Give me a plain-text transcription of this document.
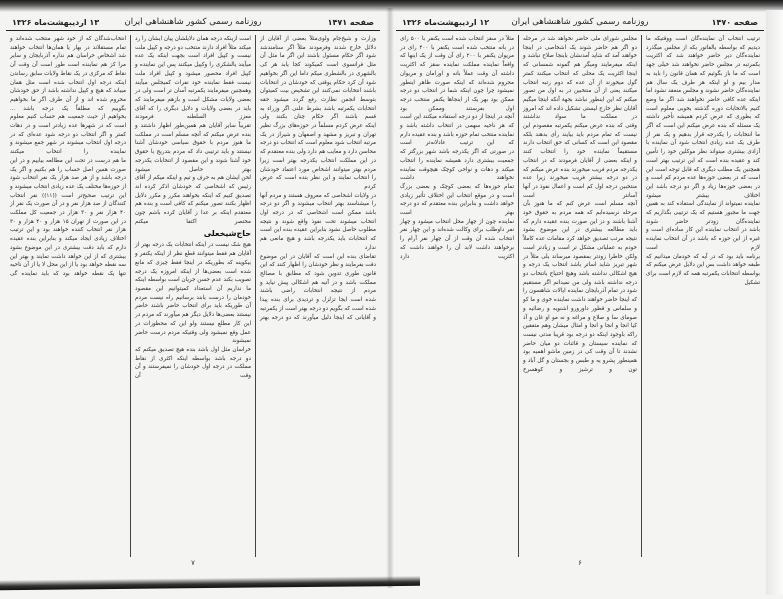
صفحه ۱۴۷۱
روزنامه رسمی کشور شاهنشاهی ایران
۱۳ اردیبهشت‌ماه ۱۳۲۶

وزارت و شیخ‌جام ولوی‌مثلاً بعضی از آقایان از دلائل خارج شدند وفرمودند مثلاً اگر سنامندشد شود اگر حکام مسئول باشند این اگر ما مثل آن مثل فرانسوی است کمیکوند کجا یابد هر کی بالشهری در بالشطری میکم داما این اگر بخواهیم شود آن کرد حکام یوقتی که خودشان در انتخابات باشند انتخابات نمی‌کنند این تشخیص بیت کمیتوان بتوسط انجمن نظارت رفع گردد میشود حقه انتخابات یکمرتبه باشد بشرط علنی اگر وزراء به قسم باشند اگر حکام چنان بکنند ولی

اینکه عرض کردم مسلماً در حوزه‌های بزرگ نظیر تهران و تبریز و مشهد و اصفهان و شیراز در یک مرتبه انتخاب شود معلوم است که انتخاب دو درجه محاسن دارد و معایب هم دارد ولی بنده معتقدم که در این مملکت انتخاب یکدرجه بهتر است زیرا مردم بهتر میتوانند اشخاص مورد اعتماد خودشان را انتخاب نمایند و این نظر بنده است که عرض کردم

در ولایات اشخاصی که معروف هستند و مردم آنها را میشناسند بهتر انتخاب میشوند و اگر دو درجه باشد ممکن است اشخاصی که در درجه اول انتخاب میشوند تحت نفوذ واقع شوند و نتیجه مطلوب حاصل نشود بنابراین عقیده بنده این است که انتخابات باید یکدرجه باشد و هیچ مانعی هم ندارد

تقاضای بنده این است که آقایان در این موضوع دقت بفرمایند و نظر خودشان را اظهار کنند که این قانون طوری تدوین شود که مطابق با مصالح مملکت باشد و در آتیه هم اشکالی پیش نیاید و مردم از نتیجه انتخابات راضی باشند

شده است ایجا تزلزل و تردیدی برای بنده پیدا شده است که بگویم دو درجه بهتر است از یکمرتبه و آقایانی که اینجا دلیل میآورند که دو درجه بهتر

است ازینکه درجه همان دلایلشان پیان ایشان را رد میکند مثلاً افراد دارند منتخب دو درجه و کپیل ملت نیست و کپیل افراد است بجهت اینکه یک عده میآیند یالشکری را وکپیل میکنند پس این نماینده و کپیل افراد محصور میشود و کپیل افراد ملت نیست فقط نماینده خود نفرات کمیجلس میآیند وهمچنین میفرمایند یکمرتبه آسان تر است ولی در بعضی ولایات مشکل است و بازهم میفرمایند که باید در بعضی ولایات و دلایل دیگری را که آقای معزز السلطنه فرمودند

تقریباً سایر آقایان هم همین‌طور اظهار داشتند و بنده عرض میکنم که آنچه مسلم است در مملکت ما هنوز مردم با حقوق سیاسی خودشان آشنا نیستند و باید ترتیبی داد که مردم بتدریج با حقوق خود آشنا شوند و این مقصود از انتخابات یکدرجه بهتر حاصل میشود

لحن ایشان هم به حرف و تیم و اینکه میکم از آقای رئیس که اشخاصی که خودشان اذکر کرده اند تصدیق کنیم که اینکه بخواهند مکرر و مکرر دلایل اظهار بکنند تصور میکنم که کافی است و بنده هم معتقدم اینکه بر عدا ز آقایان کرده باشم چون مختصر اکتفا میکنم

حاج‌شیخعلی

هیچ شک نیست در اینکه انتخابات یک درجه بهتر از آقایان هم فقط میتوانند قطع نظر از اینکه یکنفر و بیکوینه که بطوریکه در اینجا فقط چیزی که مانع شده است بعضی‌ها از اینکه امروزه یک درجه تصویب بکند عدم حسن جریان است بواسطه اینکه ما نداریم آن استعداد کمیتوانیم این مقصود خودمان را درست یابند برسانیم راه نیست مردم آن طوریکه باید برای انتخاب حاضر باشند حاضر نیستند بعضی‌ها دلایل دیگر هم میآورند که مردم در این کار مطلع نیستند ولو این که محظورات در عمل وقع نمیشود ولی وقتیکه مردم درست حاضر نمیشوند

خراسان مثل اول باشد بنده هیچ تصدیق میکنم که دو درجه باشد بواسطه اینکه اکثری از نقاط مملکت در درجه اول خودشان را نمیفرستند و آن وقت آن

انتخاب‌شدگان که از خود شهر منتخب شده‌اند و تمام مستقلاند در بهار یا همان‌ها انتخاب خواهند شد اشخاص خراسان هم نداره آذربایجان و سایر مرا کز هم نماینده است طور است آن وقت آن نقاط که مرکزی در یک نقاط ولایات سابق رساندن اینکه درجه اول انتخاب شده است مثل همان میباند که هیچ و کپیل نداشته باشد از حق خودشان محروم شده اند و از آن طرف اگر ما بخواهیم بگوییم که مطلقاً یک درجه باشد ...

بخواهیم از حیث جمعیت هم حساب کنیم معلوم است که در شهرها عده زیادتر است و در دهات کمتر و اگر انتخاب دو درجه شود عده‌ای که در درجه اول انتخاب میشوند در شهر جمع میشوند و نماینده را انتخاب میکنند

ما هم درست در تحت این مطالعه بیاییم و در این صورت همین اصل حساب را هم بکنیم و اگر یک درجه باشد و از هر صد هزار یک نفر انتخاب شود از حوزه‌ها مختلف یک عده زیادی انتخاب میشوند و این ترتیب صحیح‌تر است ((۱۱)) نفر انتخاب کنندگان از صد هزار نفر و در آن صورت یک نفر از ۴۰ هزار نفر و ۳۰ هزار در جمعیت کل مملکت

در این صورت از تهران ۱۵ هزار و ۴۰ هزار و ۳۰ هزار نفر انتخاب کننده خواهند بود و این ترتیب اختلاف زیادی ایجاد میکند و بنابراین بنده عقیده دارم که باید دقت بیشتری در این موضوع بشود

بیشتری که از این خواهد داشت تمایند و بهتر این سه نقطه خواهد بود یا از این محل لا یا از آن ناحیه تنها یک نقطه خواهد بود که باید نماینده گی

۷
صفحه ۱۴۷۰
روزنامه رسمی کشور شاهنشاهی ایران
۱۲ اردیبهشت‌ماه ۱۳۲۶

ترتیب انتخاب آن نماینده‌گان است ووقتیکه ما دیدیم که بواسطه یالفاتور یکه از مجلس میگذرد نماینده‌گان دیر حاضر خواهند شد که اکثریت بکمرتبه در مجلس حاضر نخواهند شد خیلی جهد است که ما باز بگوئیم که همان قانون را باید به مدار بیم و لو اینکه هر طرف یک سال هم نماینده‌گان حاضر نشوند و مجلس منعقد نشود اما اینکه عده کافی حاضر نخواهند شد اگر ما وضع کنیم بالاتخابات دوره گذشته بخوبی معلوم است که بطوری که عرض کردم همیشه تأخیر داشته

یک مسئله که بنده عرض میکنم این است که اگر ما انتخابات را یکدرجه قرار بدهیم و یک نفر از طرف یک عده زیادی انتخاب شود آن نماینده با آزادی بیشتری میتواند نظر موکلین خود را تأمین کند و عقیده بنده است که این ترتیب بهتر است

همچنین یک مطلب دیگری که قابل توجه است این است که در بعضی حوزه‌ها عده مردم کم است و در بعضی حوزه‌ها زیاد و اگر دو درجه باشد این اختلاف بیشتر میشود

نماینده نمیتواند از نمایندگی استفاده کند به همین جهت ما مجبور هستیم که یک ترتیبی بگذاریم که نماینده‌گان زودتر حاضر شوند

باشد در انتخاب نماینده این کار ساده‌ای است و غیره از این حوزه که باشد در آن انتخاب نماینده لازم است

برنامه باید بود که در آیه که خودمان میدانیم که طبقه خواهد داشت بس این دلایل عرض میکنم که بواسطه انتخابات یکمرتبه همه که لازم است برای تشکیل

مجلس شورای ملی حاضر نخواهد شد در مرحله دو اگر هم حاضر شوند یک اشخاصی در اینجا خواهند آمد که شاید آمدنشان باینجا صلاح نباشد و اینکه میفرمایند ومیگر هم گمونه شمسانی که اینجا اکثریت یک محلی که انتخاب میکنند کمتر گول میخورند از آن عده که دوم رتبه انتخاب میکنند یعنی از آن منتخبین در به اول من تصور میکنم که این اینطور نباشد بجهة آنکه اینجا میگیم آقایان نظر خارج لیستی تشکیل داده اند که امروز در مملکت ما سواد نداشتند

وقتی که بنده عرض میکنم یکمرتبه مقصودم این نیست که تمام مردم باید بیایند رأی بدهند بلکه مقصود این است که کسانی که حق انتخاب دارند مستقیماً نماینده خود را انتخاب کنند

و اینکه بعضی از آقایان فرمودند که در انتخاب یکدرجه مردم فریب میخورند بنده عرض میکنم که در دو درجه بیشتر فریب میخورند زیرا عده منتخبین درجه اول کم است و اعمال نفوذ در آنها آسانتر است

آنچه مسلم است عرض کنم که ما هنوز بآن مرحله نرسیده‌ایم که همه مردم به حقوق خود آشنا باشند و در این صورت بنده عقیده دارم که باید مطالعه بیشتری در این موضوع بشود

نتیجه مرتب تصدیق خواهد کرد مقامات عده کاملاً خودم به عملیاتی مشکل تر است و زیادتر است ولکن خاطرا زودتر بمقصود میرساند یلی مثلاً در شهر تبریز شاید اساتر باشد انتخاب یک درجه و هیچ اشکالی نداشته باشد وهیچ احتیاج بانتخاب دو درجه نداشته باشد ولی من نمیدانم اگر مستقیم شود در تمام آذربایجان نماینده ایالات شاهسون را که اینجا حاضر خواهند داشت نماینده خوی و ما کو و سلماس و قطور داورورو اشنویه و رضائیه و صومای سا و صلاع و مراغه و نه مو او غان و آذ کیا انجا و انجا و انجا و امثال میشان وهم متفقین راکه باوجود اینکه دو درجه بود قریبا مدتی نیست که نماینده سیستان و قائنات دو میان حاضر نشدند تا آن وقت کی در زمین ماشو اهمیه بود همینطور پشرو یه و طبس و بجستان و گل آباد و تون و ترشیز و کوهسرخ

مثلاً در سقز انتخاب شده است یکنفر با ۵۰۰ رای در بانه منتخب شده است یکنفر با ۴۰۰ رای در مریوان یکنفر با ۲۰۰ رای آن وقت از یک اینها که واقعاً نماینده مملکت نماینده سقز که اکثریت داشته آن وقت عملاً بانه و اورامان و مریوان محروم شده‌اند که اینکه صورت ظاهر اینطور نمیشود چرا چون اینکه شما در انتخاب دو درجه ممکن بود بهر یک از اینجاها یکنفر منتخب درجه اول بفرستند وممکن بود

آنچه در اینجا از دو درجه استفاده میکنند این است که هر ناحیه سهمی در انتخاب داشته باشد و نماینده منتخب تمام حوزه باشد و بنده عقیده دارم که این ترتیب عادلانه‌تر است

در صورتی که اگر یکدرجه باشد شهر بزرگتر که جمعیت بیشتری دارد همیشه نماینده را انتخاب میکند و دهات و نواحی کوچک هیچوقت نماینده نخواهند داشت

تمام حوزه‌ها که بعضی کوچک و بعضی بزرگ است و در موقع انتخاب این اختلاف تأثیر زیادی خواهد داشت و بنابراین بنده معتقدم که دو درجه بهتر است

نماینده چون از چهار محل انتخاب میشود و چهار نفر داوطلب برای وکالت شده‌اند و این چهار نفر انتخاب شده آن وقت از آن چهار نفر آرام را برخواهند داشت لابد آن را خواهند داشت که اکثریت دارد

۶
